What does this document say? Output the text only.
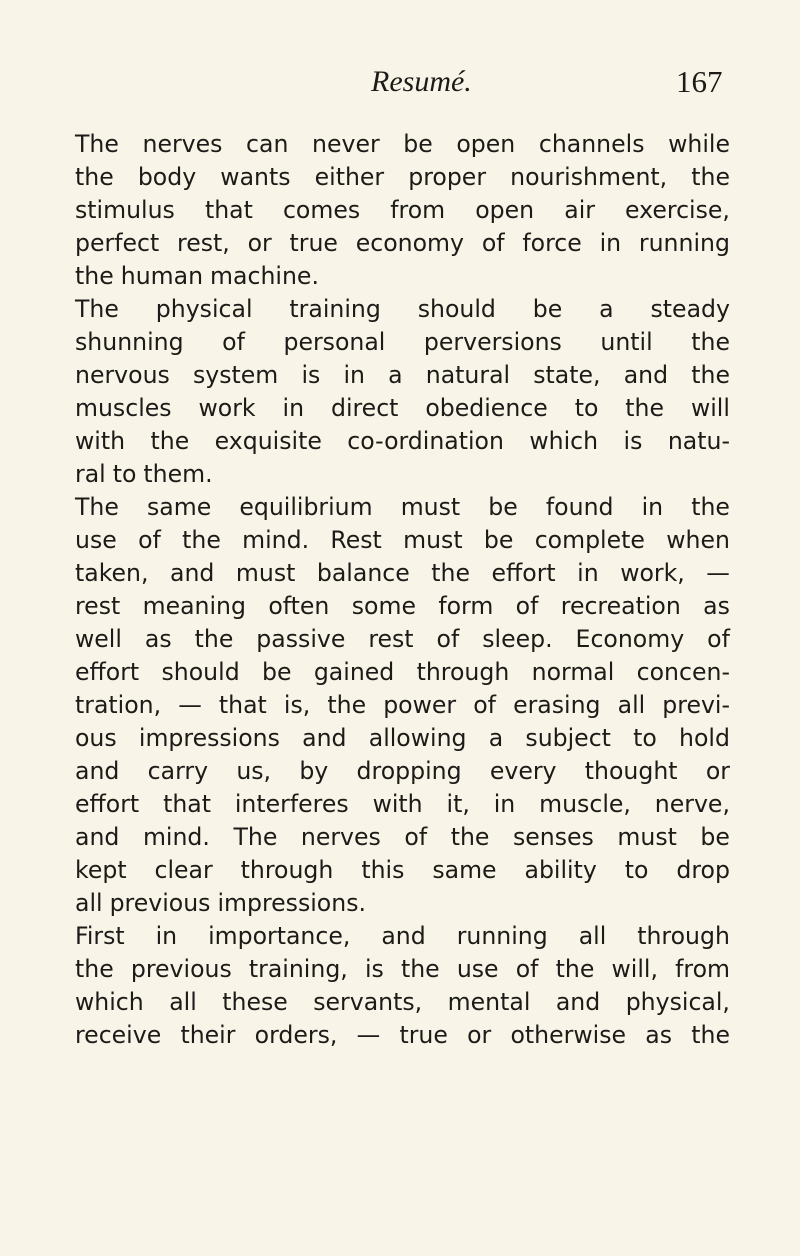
Resumé.	167
The nerves can never be open channels while
the body wants either proper nourishment, the
stimulus that comes from open air exercise,
perfect rest, or true economy of force in running
the human machine.
The physical training should be a steady
shunning of personal perversions until the
nervous system is in a natural state, and the
muscles work in direct obedience to the will
with the exquisite co-ordination which is natu-
ral to them.
The same equilibrium must be found in the
use of the mind. Rest must be complete when
taken, and must balance the effort in work, —
rest meaning often some form of recreation as
well as the passive rest of sleep. Economy of
effort should be gained through normal concen-
tration, — that is, the power of erasing all previ-
ous impressions and allowing a subject to hold
and carry us, by dropping every thought or
effort that interferes with it, in muscle, nerve,
and mind. The nerves of the senses must be
kept clear through this same ability to drop
all previous impressions.
First in importance, and running all through
the previous training, is the use of the will, from
which all these servants, mental and physical,
receive their orders, — true or otherwise as the
